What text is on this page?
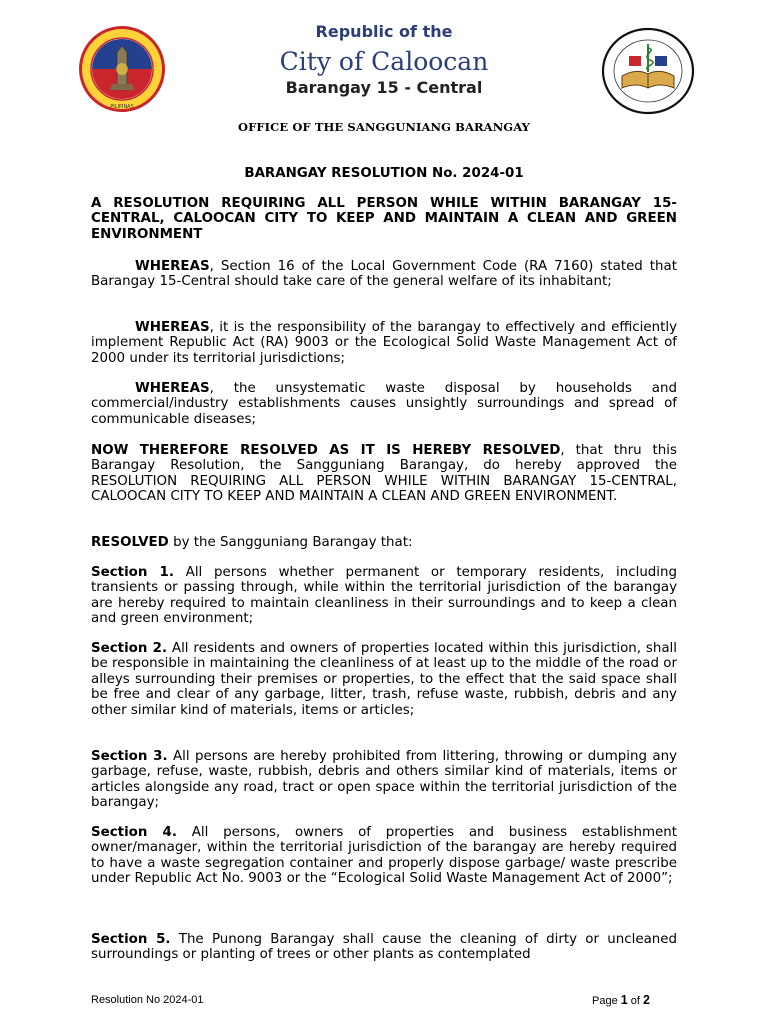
PILIPINAS
Republic of the
City of Caloocan
Barangay 15 - Central
OFFICE OF THE SANGGUNIANG BARANGAY
BARANGAY RESOLUTION No. 2024-01
A RESOLUTION REQUIRING ALL PERSON WHILE WITHIN BARANGAY 15-CENTRAL, CALOOCAN CITY TO KEEP AND MAINTAIN A CLEAN AND GREEN ENVIRONMENT

WHEREAS, Section 16 of the Local Government Code (RA 7160) stated that Barangay 15-Central should take care of the general welfare of its inhabitant;

WHEREAS, it is the responsibility of the barangay to effectively and efficiently implement Republic Act (RA) 9003 or the Ecological Solid Waste Management Act of 2000 under its territorial jurisdictions;

WHEREAS, the unsystematic waste disposal by households and commercial/industry establishments causes unsightly surroundings and spread of communicable diseases;

NOW THEREFORE RESOLVED AS IT IS HEREBY RESOLVED, that thru this Barangay Resolution, the Sangguniang Barangay, do hereby approved the RESOLUTION REQUIRING ALL PERSON WHILE WITHIN BARANGAY 15-CENTRAL, CALOOCAN CITY TO KEEP AND MAINTAIN A CLEAN AND GREEN ENVIRONMENT.

RESOLVED by the Sangguniang Barangay that:

Section 1. All persons whether permanent or temporary residents, including transients or passing through, while within the territorial jurisdiction of the barangay are hereby required to maintain cleanliness in their surroundings and to keep a clean and green environment;

Section 2. All residents and owners of properties located within this jurisdiction, shall be responsible in maintaining the cleanliness of at least up to the middle of the road or alleys surrounding their premises or properties, to the effect that the said space shall be free and clear of any garbage, litter, trash, refuse waste, rubbish, debris and any other similar kind of materials, items or articles;

Section 3. All persons are hereby prohibited from littering, throwing or dumping any garbage, refuse, waste, rubbish, debris and others similar kind of materials, items or articles alongside any road, tract or open space within the territorial jurisdiction of the barangay;

Section 4. All persons, owners of properties and business establishment owner/manager, within the territorial jurisdiction of the barangay are hereby required to have a waste segregation container and properly dispose garbage/ waste prescribe under Republic Act No. 9003 or the “Ecological Solid Waste Management Act of 2000”;

Section 5. The Punong Barangay shall cause the cleaning of dirty or uncleaned surroundings or planting of trees or other plants as contemplated

Resolution No 2024-01	Page 1 of 2
